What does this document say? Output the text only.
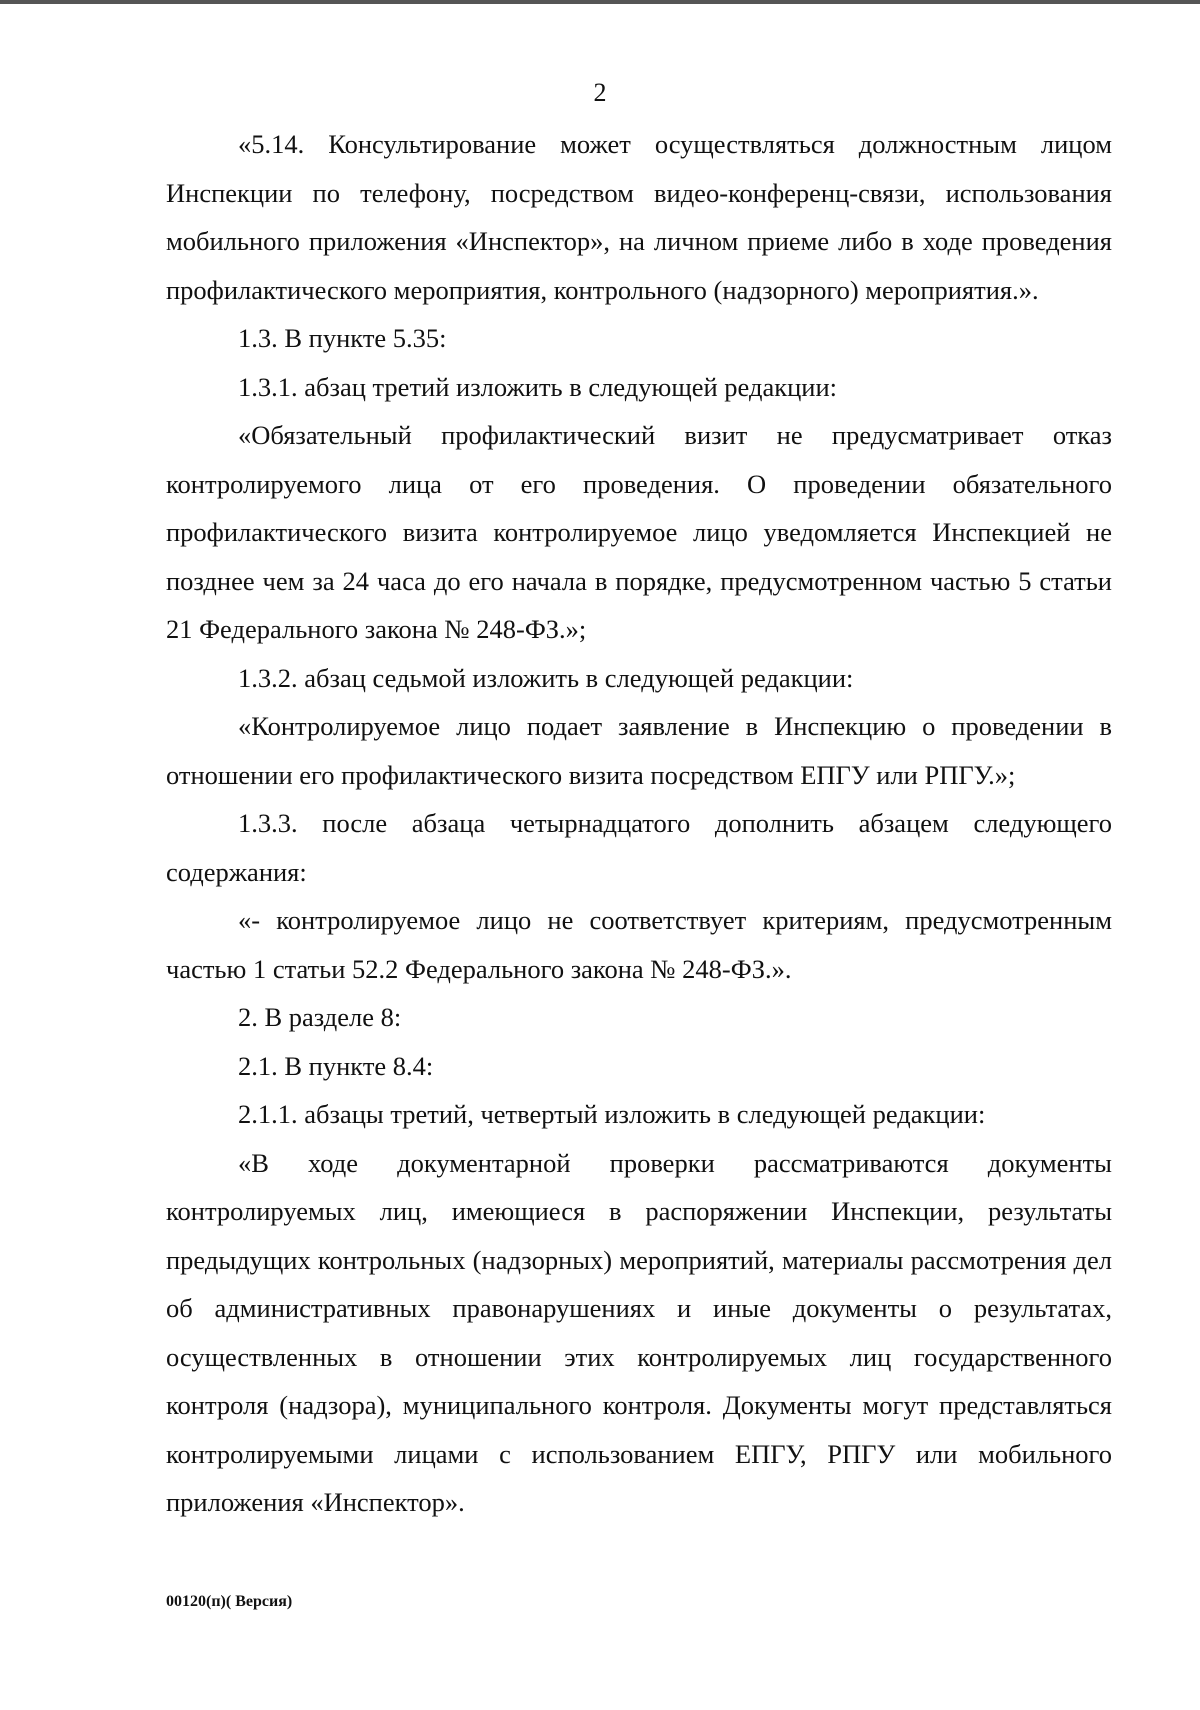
2

«5.14. Консультирование может осуществляться должностным лицом Инспекции по телефону, посредством видео-конференц-связи, использования мобильного приложения «Инспектор», на личном приеме либо в ходе проведения профилактического мероприятия, контрольного (надзорного) мероприятия.».

1.3. В пункте 5.35:

1.3.1. абзац третий изложить в следующей редакции:

«Обязательный профилактический визит не предусматривает отказ контролируемого лица от его проведения. О проведении обязательного профилактического визита контролируемое лицо уведомляется Инспекцией не позднее чем за 24 часа до его начала в порядке, предусмотренном частью 5 статьи 21 Федерального закона № 248-ФЗ.»;

1.3.2. абзац седьмой изложить в следующей редакции:

«Контролируемое лицо подает заявление в Инспекцию о проведении в отношении его профилактического визита посредством ЕПГУ или РПГУ.»;

1.3.3. после абзаца четырнадцатого дополнить абзацем следующего содержания:

«- контролируемое лицо не соответствует критериям, предусмотренным частью 1 статьи 52.2 Федерального закона № 248-ФЗ.».

2. В разделе 8:

2.1. В пункте 8.4:

2.1.1. абзацы третий, четвертый изложить в следующей редакции:

«В ходе документарной проверки рассматриваются документы контролируемых лиц, имеющиеся в распоряжении Инспекции, результаты предыдущих контрольных (надзорных) мероприятий, материалы рассмотрения дел об административных правонарушениях и иные документы о результатах, осуществленных в отношении этих контролируемых лиц государственного контроля (надзора), муниципального контроля. Документы могут представляться контролируемыми лицами с использованием ЕПГУ, РПГУ или мобильного приложения «Инспектор».

00120(п)( Версия)
